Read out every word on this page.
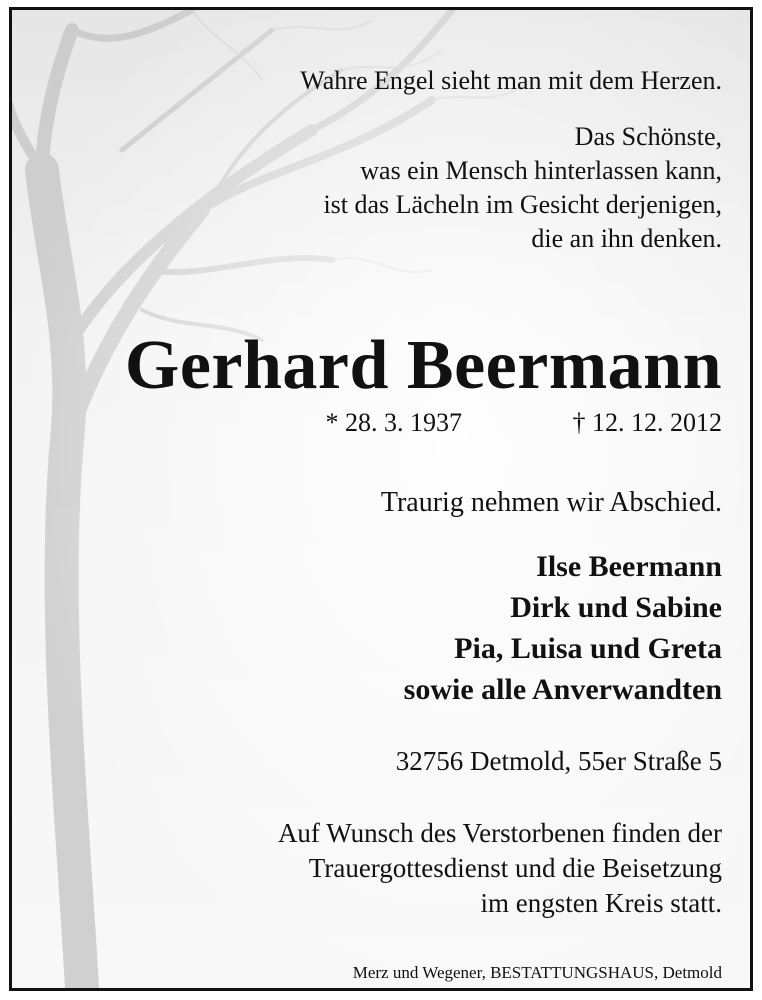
Wahre Engel sieht man mit dem Herzen.
Das Schönste,
was ein Mensch hinterlassen kann,
ist das Lächeln im Gesicht derjenigen,
die an ihn denken.
Gerhard Beermann
* 28. 3. 1937	† 12. 12. 2012
Traurig nehmen wir Abschied.
Ilse Beermann
Dirk und Sabine
Pia, Luisa und Greta
sowie alle Anverwandten
32756 Detmold, 55er Straße 5
Auf Wunsch des Verstorbenen finden der
Trauergottesdienst und die Beisetzung
im engsten Kreis statt.
Merz und Wegener, BESTATTUNGSHAUS, Detmold
